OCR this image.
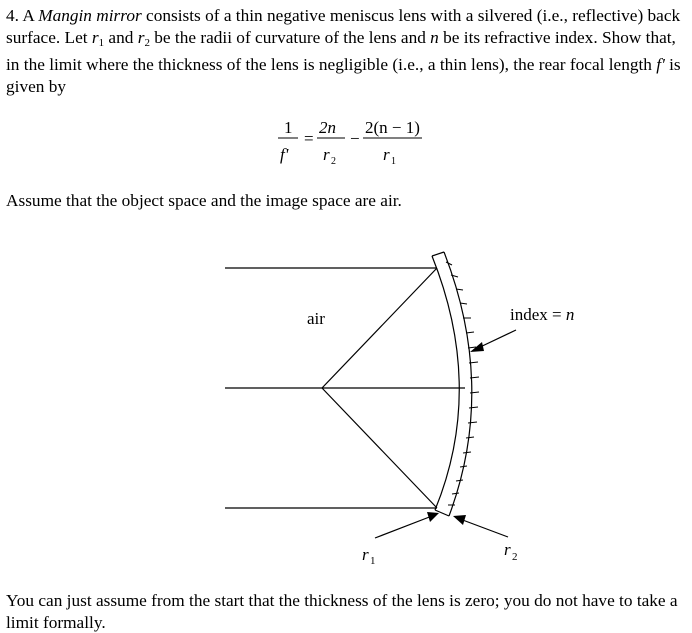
4. A Mangin mirror consists of a thin negative meniscus lens with a silvered (i.e., reflective) back surface. Let $r_1$ and $r_2$ be the radii of curvature of the lens and n be its refractive index. Show that, in the limit where the thickness of the lens is negligible (i.e., a thin lens), the rear focal length f' is given by
1
f'
=
2n
r 2
−
2(n − 1)
r 1
Assume that the object space and the image space are air.
air	index = n
r 1
r 2
You can just assume from the start that the thickness of the lens is zero; you do not have to take a limit formally.
